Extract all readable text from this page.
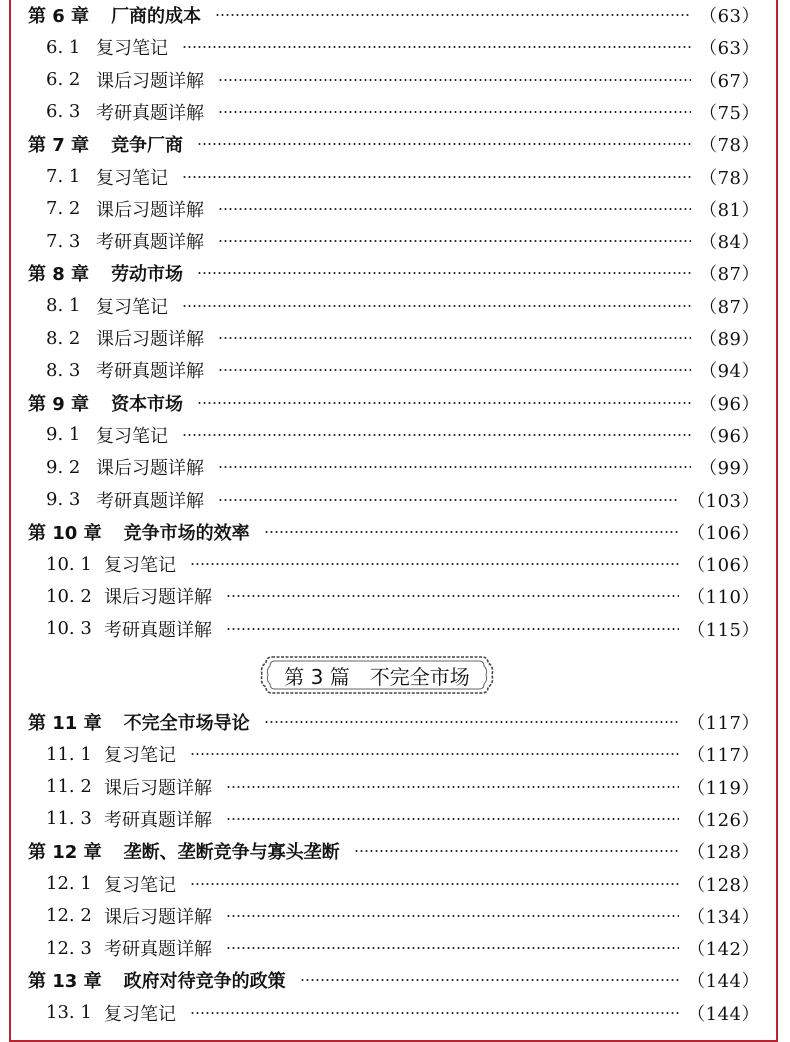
第 6 章 厂商的成本	（63）
6. 1 复习笔记	（63）
6. 2 课后习题详解	（67）
6. 3 考研真题详解	（75）
第 7 章 竞争厂商	（78）
7. 1 复习笔记	（78）
7. 2 课后习题详解	（81）
7. 3 考研真题详解	（84）
第 8 章 劳动市场	（87）
8. 1 复习笔记	（87）
8. 2 课后习题详解	（89）
8. 3 考研真题详解	（94）
第 9 章 资本市场	（96）
9. 1 复习笔记	（96）
9. 2 课后习题详解	（99）
9. 3 考研真题详解	（103）
第 10 章 竞争市场的效率	（106）
10. 1 复习笔记	（106）
10. 2 课后习题详解	（110）
10. 3 考研真题详解	（115）
第 11 章 不完全市场导论	（117）
11. 1 复习笔记	（117）
11. 2 课后习题详解	（119）
11. 3 考研真题详解	（126）
第 12 章 垄断、垄断竞争与寡头垄断	（128）
12. 1 复习笔记	（128）
12. 2 课后习题详解	（134）
12. 3 考研真题详解	（142）
第 13 章 政府对待竞争的政策	（144）
13. 1 复习笔记	（144）
第 3 篇　不完全市场
